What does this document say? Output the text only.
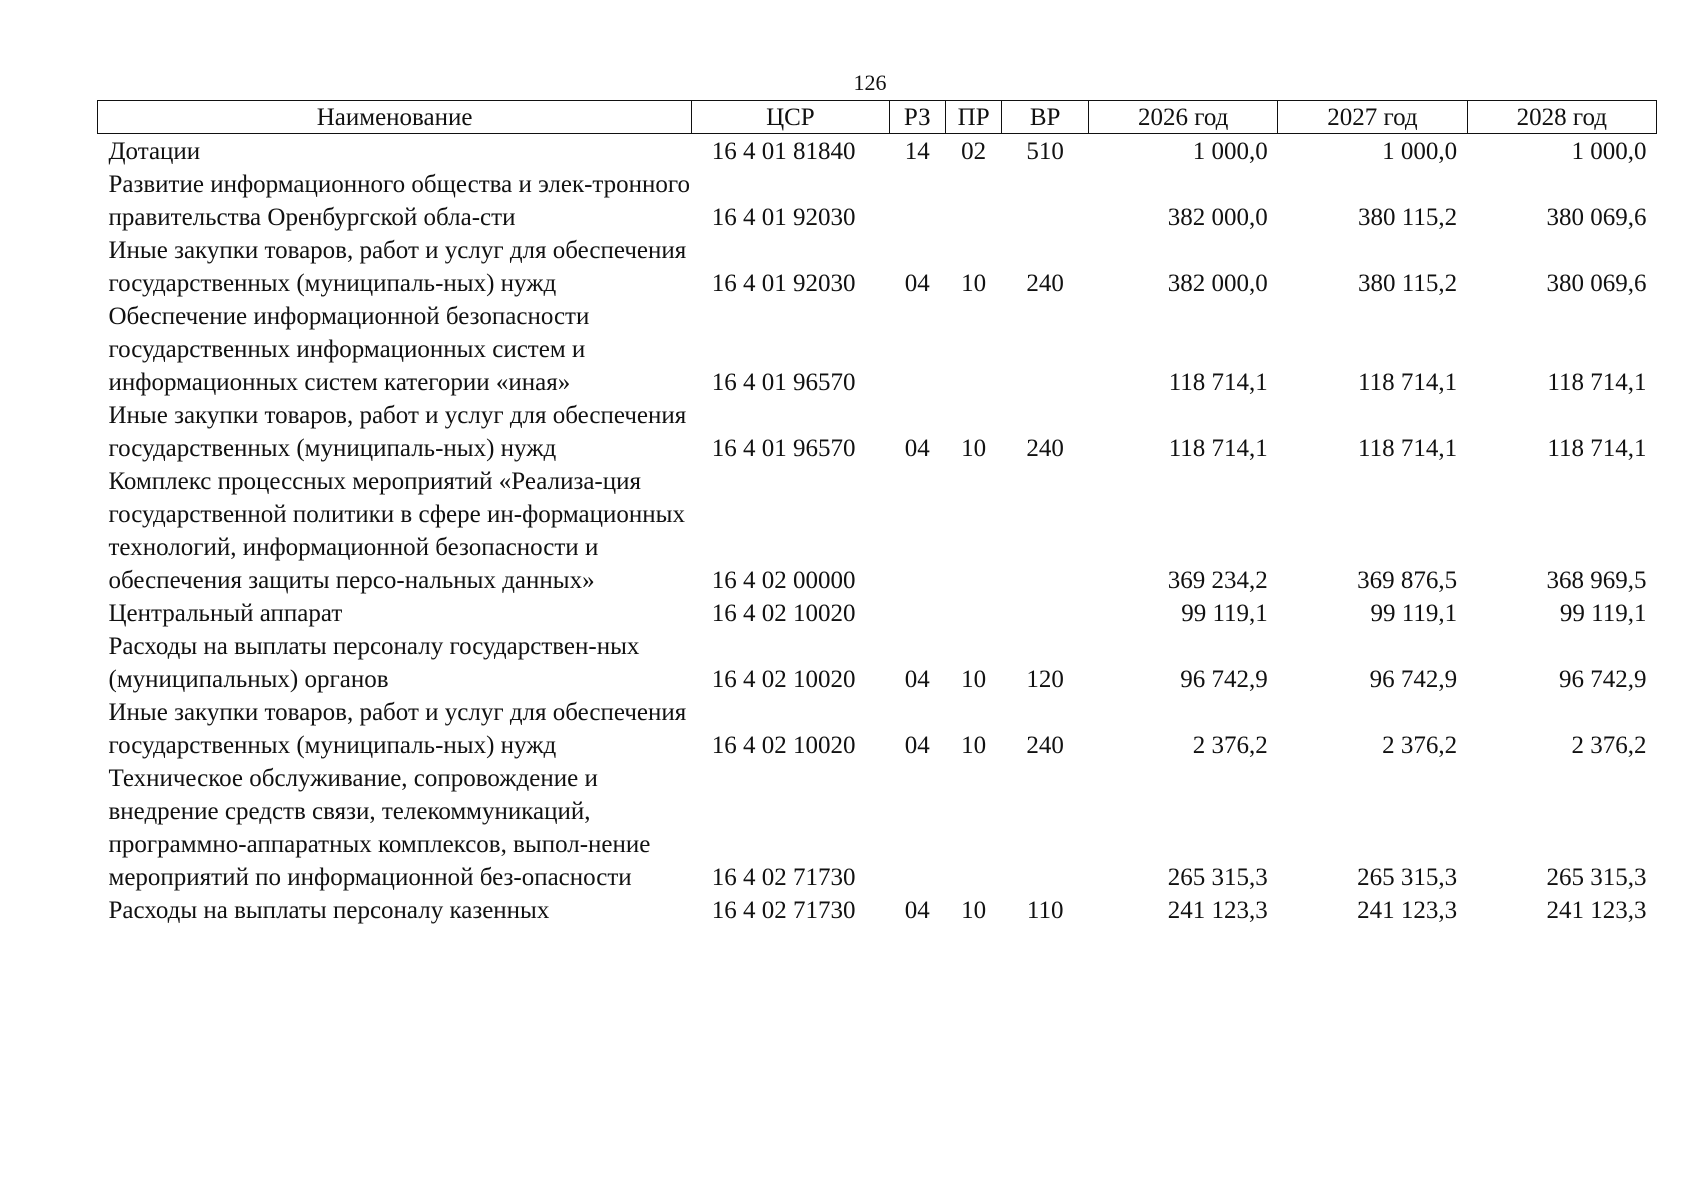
126
Наименование	ЦСР	РЗ	ПР	ВР	2026 год	2027 год	2028 год
Дотации	16 4 01 81840	14	02	510	1 000,0	1 000,0	1 000,0
Развитие информационного общества и элек-тронного правительства Оренбургской обла-сти	16 4 01 92030				382 000,0	380 115,2	380 069,6
Иные закупки товаров, работ и услуг для обеспечения государственных (муниципаль-ных) нужд	16 4 01 92030	04	10	240	382 000,0	380 115,2	380 069,6
Обеспечение информационной безопасности государственных информационных систем и информационных систем категории «иная»	16 4 01 96570				118 714,1	118 714,1	118 714,1
Иные закупки товаров, работ и услуг для обеспечения государственных (муниципаль-ных) нужд	16 4 01 96570	04	10	240	118 714,1	118 714,1	118 714,1
Комплекс процессных мероприятий «Реализа-ция государственной политики в сфере ин-формационных технологий, информационной безопасности и обеспечения защиты персо-нальных данных»	16 4 02 00000				369 234,2	369 876,5	368 969,5
Центральный аппарат	16 4 02 10020				99 119,1	99 119,1	99 119,1
Расходы на выплаты персоналу государствен-ных (муниципальных) органов	16 4 02 10020	04	10	120	96 742,9	96 742,9	96 742,9
Иные закупки товаров, работ и услуг для обеспечения государственных (муниципаль-ных) нужд	16 4 02 10020	04	10	240	2 376,2	2 376,2	2 376,2
Техническое обслуживание, сопровождение и внедрение средств связи, телекоммуникаций, программно-аппаратных комплексов, выпол-нение мероприятий по информационной без-опасности	16 4 02 71730				265 315,3	265 315,3	265 315,3
Расходы на выплаты персоналу казенных	16 4 02 71730	04	10	110	241 123,3	241 123,3	241 123,3
